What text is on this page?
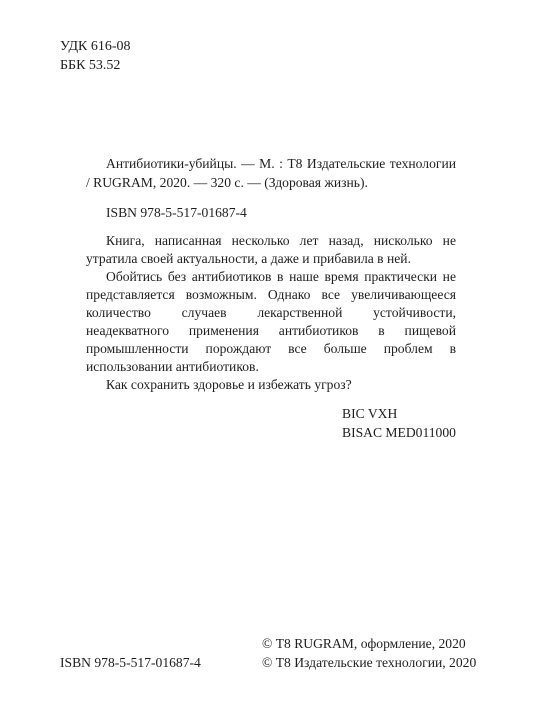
УДК 616-08
ББК 53.52
Антибиотики-убийцы. — М. : Т8 Издательские технологии / RUGRAM, 2020. — 320 с. — (Здоровая жизнь).
ISBN 978-5-517-01687-4

Книга, написанная несколько лет назад, нисколько не утратила своей актуальности, а даже и прибавила в ней.

Обойтись без антибиотиков в наше время практически не представляется возможным. Однако все увеличивающееся количество случаев лекарственной устойчивости, неадекватного применения антибиотиков в пищевой промышленности порождают все больше проблем в использовании антибиотиков.

Как сохранить здоровье и избежать угроз?

BIC VXH
BISAC MED011000
ISBN 978-5-517-01687-4
© Т8 RUGRAM, оформление, 2020
© Т8 Издательские технологии, 2020
